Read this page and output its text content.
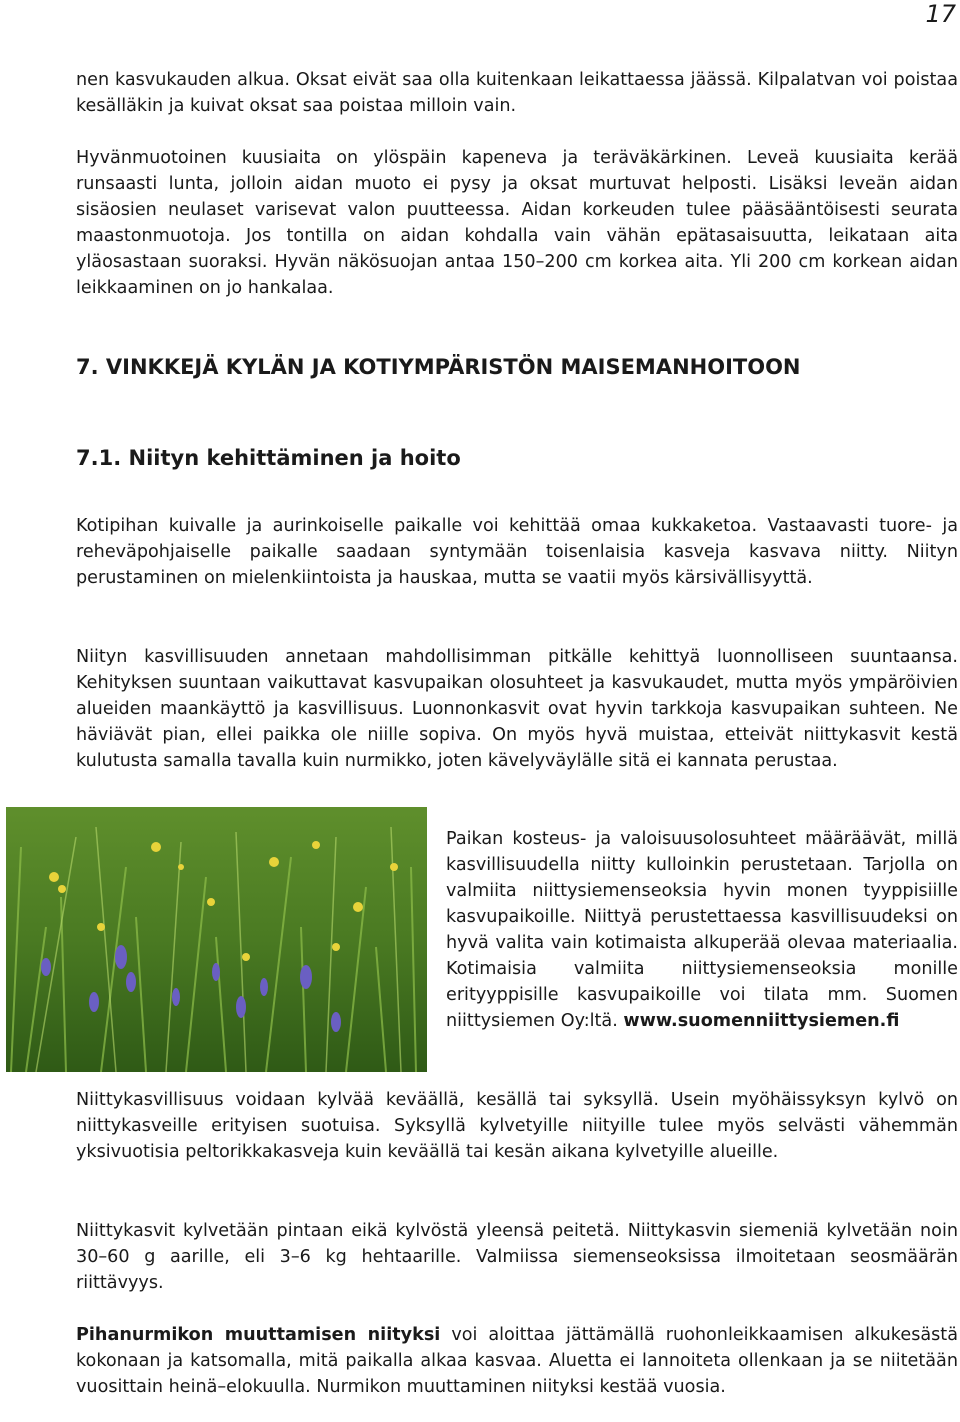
17

nen kasvukauden alkua. Oksat eivät saa olla kuitenkaan leikattaessa jäässä. Kilpalatvan voi poistaa kesälläkin ja kuivat oksat saa poistaa milloin vain.

Hyvänmuotoinen kuusiaita on ylöspäin kapeneva ja teräväkärkinen. Leveä kuusiaita kerää runsaasti lunta, jolloin aidan muoto ei pysy ja oksat murtuvat helposti. Lisäksi leveän aidan sisäosien neulaset varisevat valon puutteessa. Aidan korkeuden tulee pääsääntöisesti seurata maastonmuotoja. Jos tontilla on aidan kohdalla vain vähän epätasaisuutta, leikataan aita yläosastaan suoraksi. Hyvän näkösuojan antaa 150–200 cm korkea aita. Yli 200 cm korkean aidan leikkaaminen on jo hankalaa.

7. VINKKEJÄ KYLÄN JA KOTIYMPÄRISTÖN MAISEMANHOITOON
7.1. Niityn kehittäminen ja hoito

Kotipihan kuivalle ja aurinkoiselle paikalle voi kehittää omaa kukkaketoa. Vastaavasti tuore- ja reheväpohjaiselle paikalle saadaan syntymään toisenlaisia kasveja kasvava niitty. Niityn perustaminen on mielenkiintoista ja hauskaa, mutta se vaatii myös kärsivällisyyttä.

Niityn kasvillisuuden annetaan mahdollisimman pitkälle kehittyä luonnolliseen suuntaansa. Kehityksen suuntaan vaikuttavat kasvupaikan olosuhteet ja kasvukaudet, mutta myös ympäröivien alueiden maankäyttö ja kasvillisuus. Luonnonkasvit ovat hyvin tarkkoja kasvupaikan suhteen. Ne häviävät pian, ellei paikka ole niille sopiva. On myös hyvä muistaa, etteivät niittykasvit kestä kulutusta samalla tavalla kuin nurmikko, joten kävelyväylälle sitä ei kannata perustaa.

Paikan kosteus- ja valoisuusolosuhteet määräävät, millä kasvillisuudella niitty kulloinkin perustetaan. Tarjolla on valmiita niittysiemenseoksia hyvin monen tyyppisiille kasvupaikoille. Niittyä perustettaessa kasvillisuudeksi on hyvä valita vain kotimaista alkuperää olevaa materiaalia. Kotimaisia valmiita niittysiemenseoksia monille erityyppisille kasvupaikoille voi tilata mm. Suomen niittysiemen Oy:ltä. www.suomenniittysiemen.fi

Niittykasvillisuus voidaan kylvää keväällä, kesällä tai syksyllä. Usein myöhäissyksyn kylvö on niittykasveille erityisen suotuisa. Syksyllä kylvetyille niityille tulee myös selvästi vähemmän yksivuotisia peltorikkakasveja kuin keväällä tai kesän aikana kylvetyille alueille.

Niittykasvit kylvetään pintaan eikä kylvöstä yleensä peitetä. Niittykasvin siemeniä kylvetään noin 30–60 g aarille, eli 3–6 kg hehtaarille. Valmiissa siemenseoksissa ilmoitetaan seosmäärän riittävyys.

Pihanurmikon muuttamisen niityksi voi aloittaa jättämällä ruohonleikkaamisen alkukesästä kokonaan ja katsomalla, mitä paikalla alkaa kasvaa. Aluetta ei lannoiteta ollenkaan ja se niitetään vuosittain heinä–elokuulla. Nurmikon muuttaminen niityksi kestää vuosia.
